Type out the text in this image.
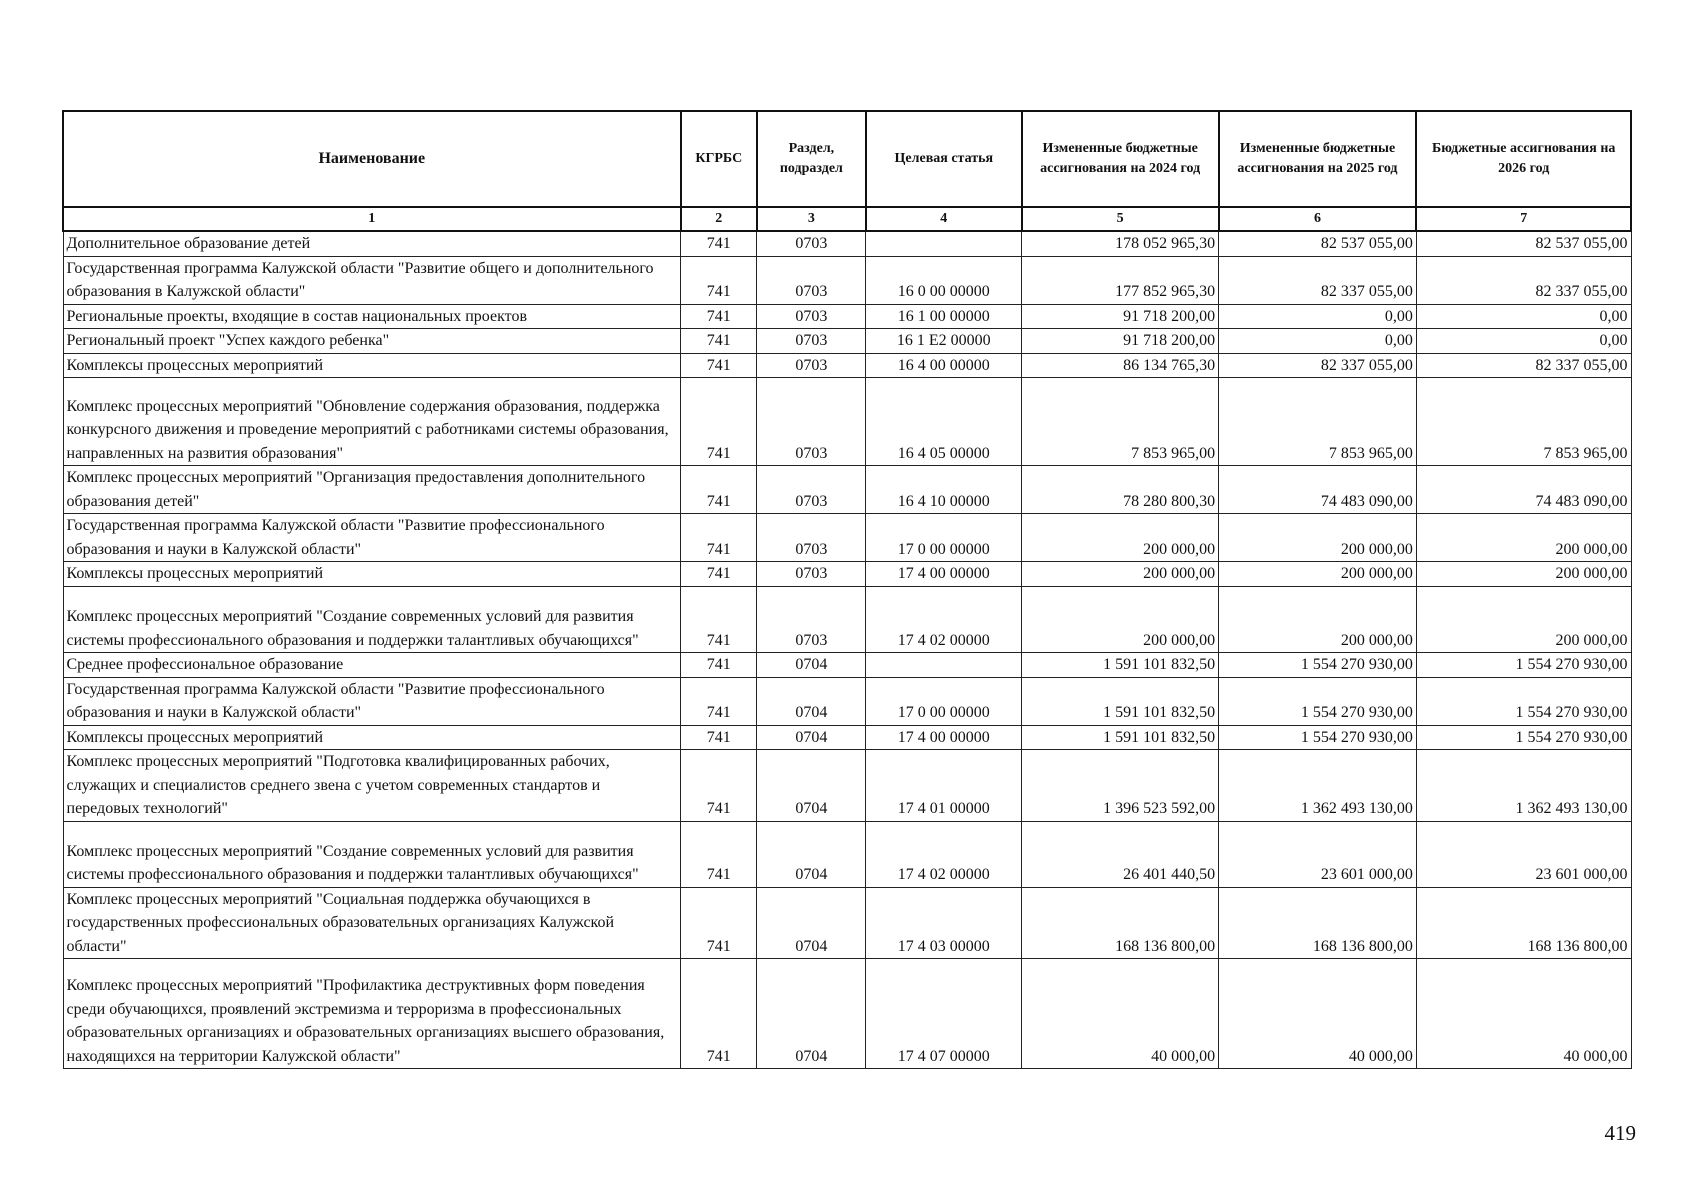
Наименование	КГРБС	Раздел, подраздел	Целевая статья	Измененные бюджетные ассигнования на 2024 год	Измененные бюджетные ассигнования на 2025 год	Бюджетные ассигнования на 2026 год
1	2	3	4	5	6	7
Дополнительное образование детей	741	0703		178 052 965,30	82 537 055,00	82 537 055,00
Государственная программа Калужской области "Развитие общего и дополнительного образования в Калужской области"	741	0703	16 0 00 00000	177 852 965,30	82 337 055,00	82 337 055,00
Региональные проекты, входящие в состав национальных проектов	741	0703	16 1 00 00000	91 718 200,00	0,00	0,00
Региональный проект "Успех каждого ребенка"	741	0703	16 1 E2 00000	91 718 200,00	0,00	0,00
Комплексы процессных мероприятий	741	0703	16 4 00 00000	86 134 765,30	82 337 055,00	82 337 055,00
Комплекс процессных мероприятий "Обновление содержания образования, поддержка конкурсного движения и проведение мероприятий с работниками системы образования, направленных на развития образования"	741	0703	16 4 05 00000	7 853 965,00	7 853 965,00	7 853 965,00
Комплекс процессных мероприятий "Организация предоставления дополнительного образования детей"	741	0703	16 4 10 00000	78 280 800,30	74 483 090,00	74 483 090,00
Государственная программа Калужской области "Развитие профессионального образования и науки в Калужской области"	741	0703	17 0 00 00000	200 000,00	200 000,00	200 000,00
Комплексы процессных мероприятий	741	0703	17 4 00 00000	200 000,00	200 000,00	200 000,00
Комплекс процессных мероприятий "Создание современных условий для развития системы профессионального образования и поддержки талантливых обучающихся"	741	0703	17 4 02 00000	200 000,00	200 000,00	200 000,00
Среднее профессиональное образование	741	0704		1 591 101 832,50	1 554 270 930,00	1 554 270 930,00
Государственная программа Калужской области "Развитие профессионального образования и науки в Калужской области"	741	0704	17 0 00 00000	1 591 101 832,50	1 554 270 930,00	1 554 270 930,00
Комплексы процессных мероприятий	741	0704	17 4 00 00000	1 591 101 832,50	1 554 270 930,00	1 554 270 930,00
Комплекс процессных мероприятий "Подготовка квалифицированных рабочих, служащих и специалистов среднего звена с учетом современных стандартов и передовых технологий"	741	0704	17 4 01 00000	1 396 523 592,00	1 362 493 130,00	1 362 493 130,00
Комплекс процессных мероприятий "Создание современных условий для развития системы профессионального образования и поддержки талантливых обучающихся"	741	0704	17 4 02 00000	26 401 440,50	23 601 000,00	23 601 000,00
Комплекс процессных мероприятий "Социальная поддержка обучающихся в государственных профессиональных образовательных организациях Калужской области"	741	0704	17 4 03 00000	168 136 800,00	168 136 800,00	168 136 800,00
Комплекс процессных мероприятий "Профилактика деструктивных форм поведения среди обучающихся, проявлений экстремизма и терроризма в профессиональных образовательных организациях и образовательных организациях высшего образования, находящихся на территории Калужской области"	741	0704	17 4 07 00000	40 000,00	40 000,00	40 000,00
419
